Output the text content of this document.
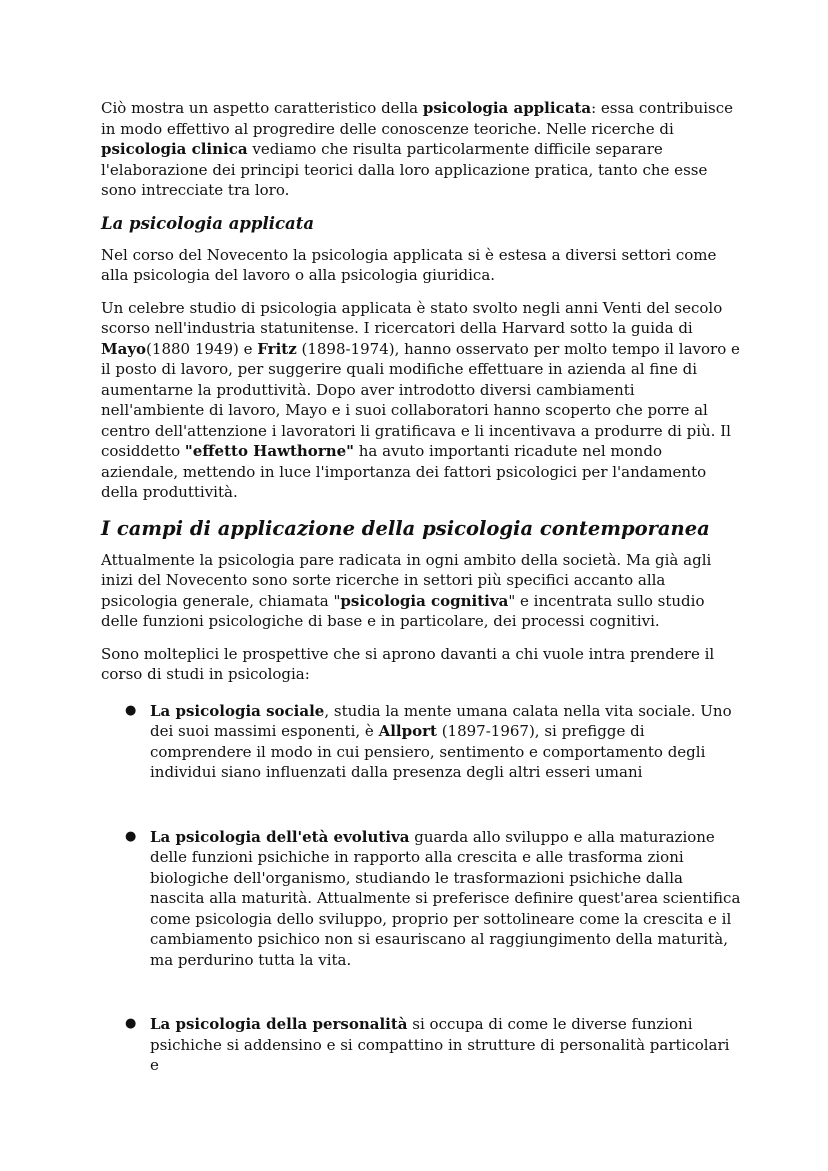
Ciò mostra un aspetto caratteristico della psicologia applicata: essa contribuisce in modo effettivo al progredire delle conoscenze teoriche. Nelle ricerche di psicologia clinica vediamo che risulta particolarmente difficile separare l'elaborazione dei principi teorici dalla loro applicazione pratica, tanto che esse sono intrecciate tra loro.

La psicologia applicata

Nel corso del Novecento la psicologia applicata si è estesa a diversi settori come alla psicologia del lavoro o alla psicologia giuridica.

Un celebre studio di psicologia applicata è stato svolto negli anni Venti del secolo scorso nell'industria statunitense. I ricercatori della Harvard sotto la guida di Mayo(1880 1949) e Fritz (1898-1974), hanno osservato per molto tempo il lavoro e il posto di lavoro, per suggerire quali modifiche effettuare in azienda al fine di aumentarne la produttività. Dopo aver introdotto diversi cambiamenti nell'ambiente di lavoro, Mayo e i suoi collaboratori hanno scoperto che porre al centro dell'attenzione i lavoratori li gratificava e li incentivava a produrre di più. Il cosiddetto "effetto Hawthorne" ha avuto importanti ricadute nel mondo aziendale, mettendo in luce l'importanza dei fattori psicologici per l'andamento della produttività.

I campi di applicazione della psicologia contemporanea

Attualmente la psicologia pare radicata in ogni ambito della società. Ma già agli inizi del Novecento sono sorte ricerche in settori più specifici accanto alla psicologia generale, chiamata "psicologia cognitiva" e incentrata sullo studio delle funzioni psicologiche di base e in particolare, dei processi cognitivi.

Sono molteplici le prospettive che si aprono davanti a chi vuole intra prendere il corso di studi in psicologia:

● La psicologia sociale, studia la mente umana calata nella vita sociale. Uno dei suoi massimi esponenti, è Allport (1897-1967), si prefigge di comprendere il modo in cui pensiero, sentimento e comportamento degli individui siano influenzati dalla presenza degli altri esseri umani
● La psicologia dell'età evolutiva guarda allo sviluppo e alla maturazione delle funzioni psichiche in rapporto alla crescita e alle trasforma zioni biologiche dell'organismo, studiando le trasformazioni psichiche dalla nascita alla maturità. Attualmente si preferisce definire quest'area scientifica come psicologia dello sviluppo, proprio per sottolineare come la crescita e il cambiamento psichico non si esauriscano al raggiungimento della maturità, ma perdurino tutta la vita.
● La psicologia della personalità si occupa di come le diverse funzioni psichiche si addensino e si compattino in strutture di personalità particolari e
